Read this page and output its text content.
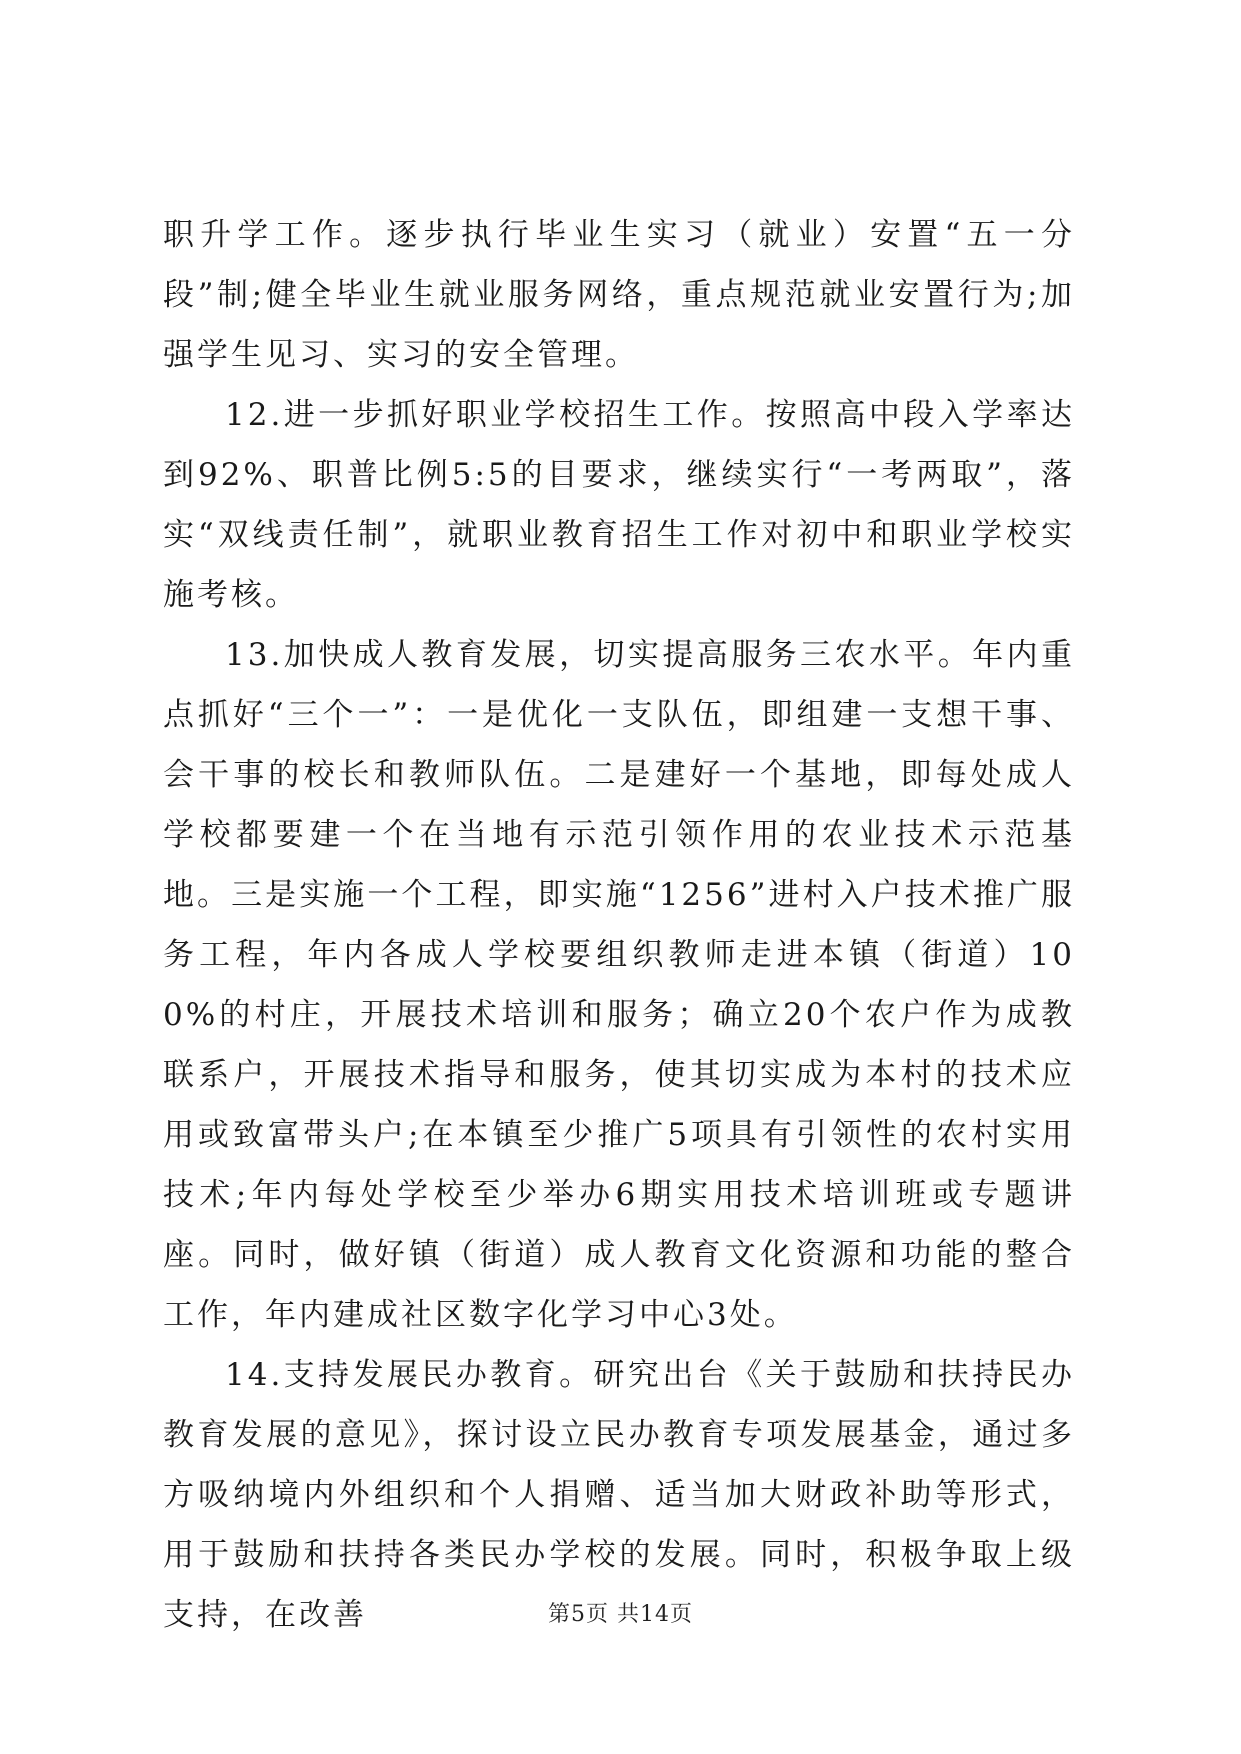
职升学工作。逐步执行毕业生实习（就业）安置“五一分段”制;健全毕业生就业服务网络，重点规范就业安置行为;加强学生见习、实习的安全管理。

12.进一步抓好职业学校招生工作。按照高中段入学率达到92%、职普比例5:5的目要求，继续实行“一考两取”，落实“双线责任制”，就职业教育招生工作对初中和职业学校实施考核。

13.加快成人教育发展，切实提高服务三农水平。年内重点抓好“三个一”：一是优化一支队伍，即组建一支想干事、会干事的校长和教师队伍。二是建好一个基地，即每处成人学校都要建一个在当地有示范引领作用的农业技术示范基地。三是实施一个工程，即实施“1256”进村入户技术推广服务工程，年内各成人学校要组织教师走进本镇（街道）100%的村庄，开展技术培训和服务；确立20个农户作为成教联系户，开展技术指导和服务，使其切实成为本村的技术应用或致富带头户;在本镇至少推广5项具有引领性的农村实用技术;年内每处学校至少举办6期实用技术培训班或专题讲座。同时，做好镇（街道）成人教育文化资源和功能的整合工作，年内建成社区数字化学习中心3处。

14.支持发展民办教育。研究出台《关于鼓励和扶持民办教育发展的意见》，探讨设立民办教育专项发展基金，通过多方吸纳境内外组织和个人捐赠、适当加大财政补助等形式，用于鼓励和扶持各类民办学校的发展。同时，积极争取上级支持，在改善	第5页 共14页
